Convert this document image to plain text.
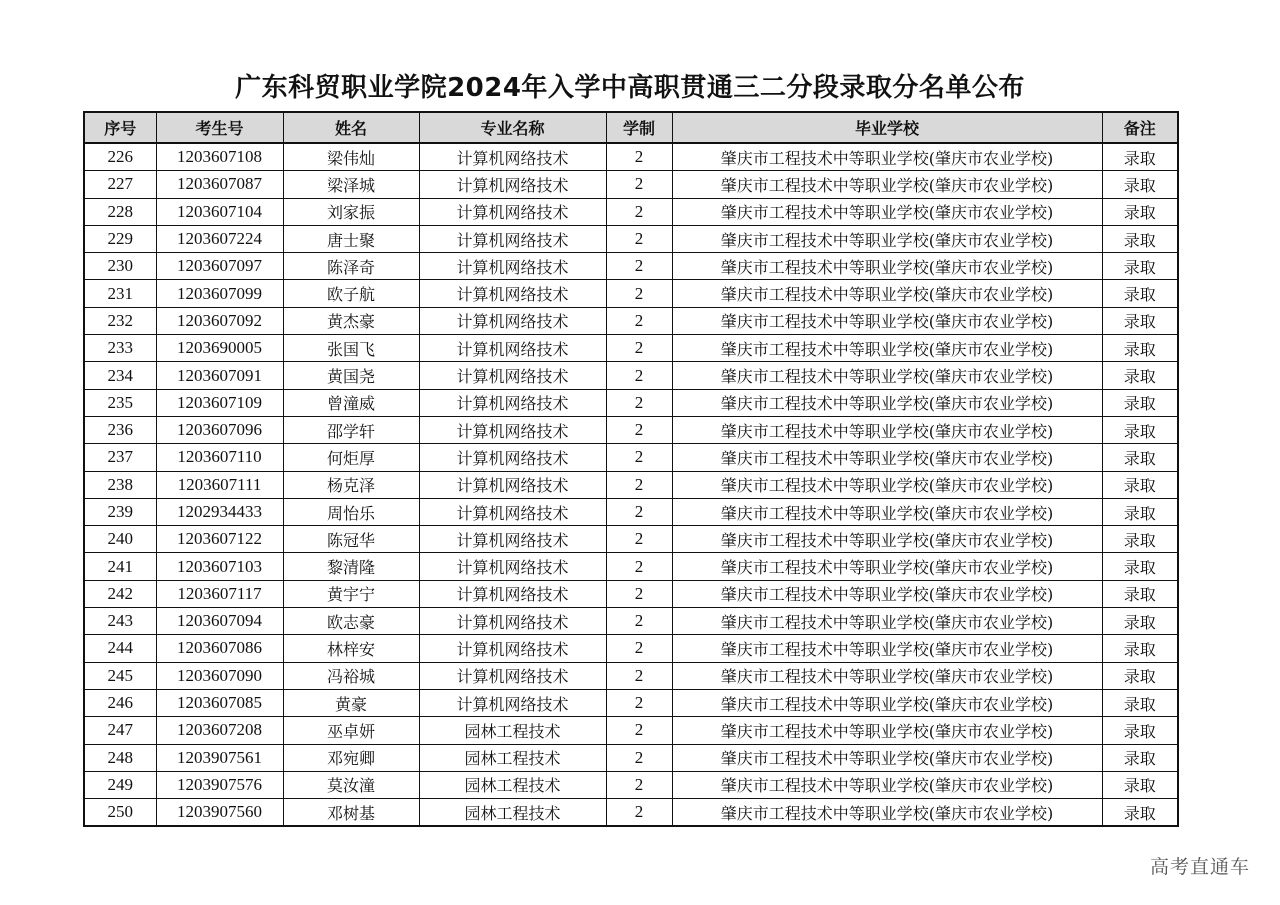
广东科贸职业学院2024年入学中高职贯通三二分段录取分名单公布
序号	考生号	姓名	专业名称	学制	毕业学校	备注
226	1203607108	梁伟灿	计算机网络技术	2	肇庆市工程技术中等职业学校(肇庆市农业学校)	录取
227	1203607087	梁泽城	计算机网络技术	2	肇庆市工程技术中等职业学校(肇庆市农业学校)	录取
228	1203607104	刘家振	计算机网络技术	2	肇庆市工程技术中等职业学校(肇庆市农业学校)	录取
229	1203607224	唐士聚	计算机网络技术	2	肇庆市工程技术中等职业学校(肇庆市农业学校)	录取
230	1203607097	陈泽奇	计算机网络技术	2	肇庆市工程技术中等职业学校(肇庆市农业学校)	录取
231	1203607099	欧子航	计算机网络技术	2	肇庆市工程技术中等职业学校(肇庆市农业学校)	录取
232	1203607092	黄杰豪	计算机网络技术	2	肇庆市工程技术中等职业学校(肇庆市农业学校)	录取
233	1203690005	张国飞	计算机网络技术	2	肇庆市工程技术中等职业学校(肇庆市农业学校)	录取
234	1203607091	黄国尧	计算机网络技术	2	肇庆市工程技术中等职业学校(肇庆市农业学校)	录取
235	1203607109	曾潼威	计算机网络技术	2	肇庆市工程技术中等职业学校(肇庆市农业学校)	录取
236	1203607096	邵学轩	计算机网络技术	2	肇庆市工程技术中等职业学校(肇庆市农业学校)	录取
237	1203607110	何炬厚	计算机网络技术	2	肇庆市工程技术中等职业学校(肇庆市农业学校)	录取
238	1203607111	杨克泽	计算机网络技术	2	肇庆市工程技术中等职业学校(肇庆市农业学校)	录取
239	1202934433	周怡乐	计算机网络技术	2	肇庆市工程技术中等职业学校(肇庆市农业学校)	录取
240	1203607122	陈冠华	计算机网络技术	2	肇庆市工程技术中等职业学校(肇庆市农业学校)	录取
241	1203607103	黎清隆	计算机网络技术	2	肇庆市工程技术中等职业学校(肇庆市农业学校)	录取
242	1203607117	黄宇宁	计算机网络技术	2	肇庆市工程技术中等职业学校(肇庆市农业学校)	录取
243	1203607094	欧志豪	计算机网络技术	2	肇庆市工程技术中等职业学校(肇庆市农业学校)	录取
244	1203607086	林梓安	计算机网络技术	2	肇庆市工程技术中等职业学校(肇庆市农业学校)	录取
245	1203607090	冯裕城	计算机网络技术	2	肇庆市工程技术中等职业学校(肇庆市农业学校)	录取
246	1203607085	黄豪	计算机网络技术	2	肇庆市工程技术中等职业学校(肇庆市农业学校)	录取
247	1203607208	巫卓妍	园林工程技术	2	肇庆市工程技术中等职业学校(肇庆市农业学校)	录取
248	1203907561	邓宛卿	园林工程技术	2	肇庆市工程技术中等职业学校(肇庆市农业学校)	录取
249	1203907576	莫汝潼	园林工程技术	2	肇庆市工程技术中等职业学校(肇庆市农业学校)	录取
250	1203907560	邓树基	园林工程技术	2	肇庆市工程技术中等职业学校(肇庆市农业学校)	录取
高考直通车
